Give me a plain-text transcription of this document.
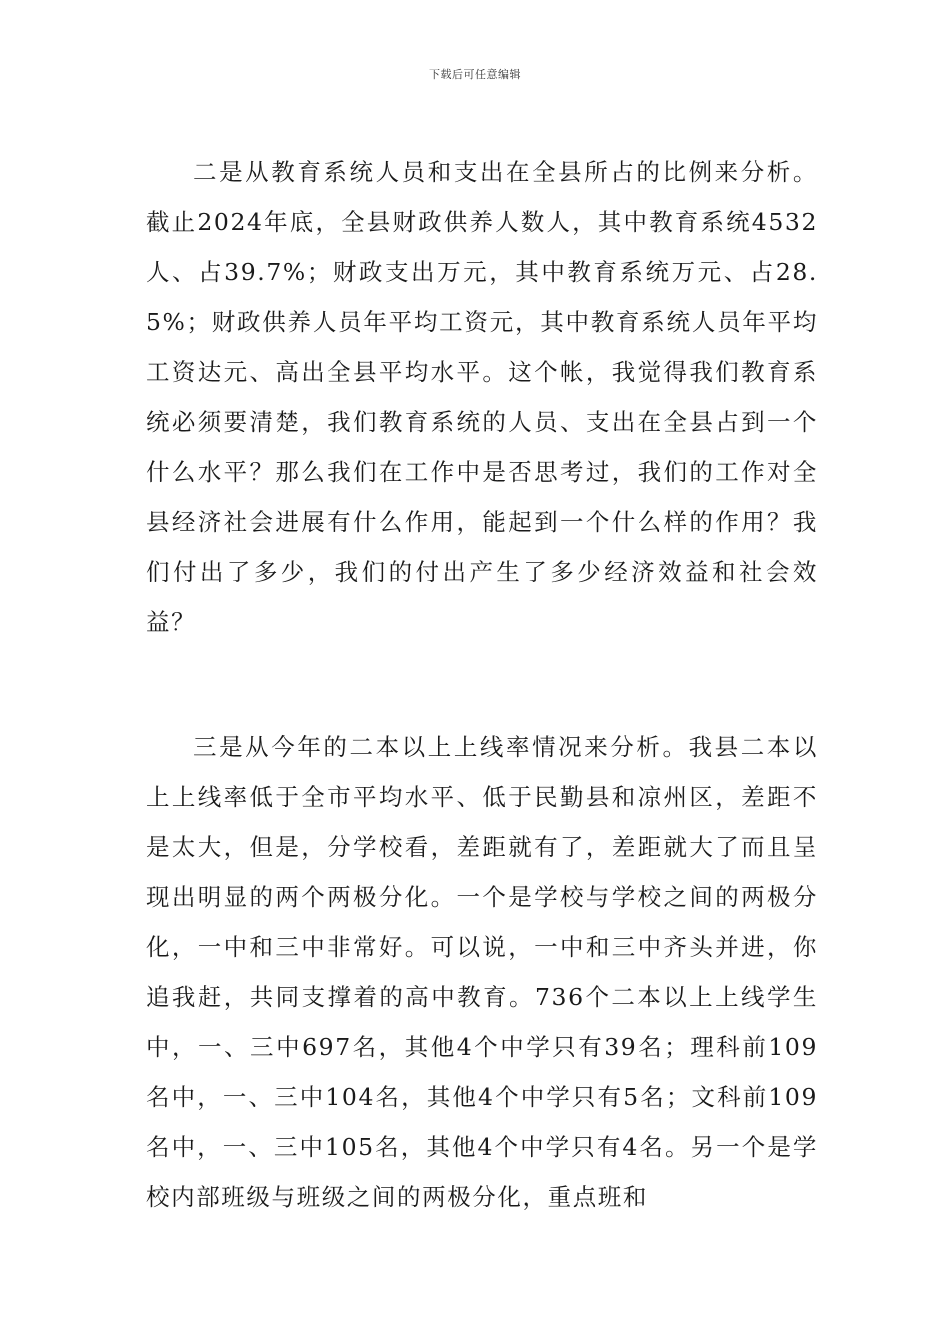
下载后可任意编辑

二是从教育系统人员和支出在全县所占的比例来分析。截止2024年底，全县财政供养人数人，其中教育系统4532人、占39.7%；财政支出万元，其中教育系统万元、占28.5%；财政供养人员年平均工资元，其中教育系统人员年平均工资达元、高出全县平均水平。这个帐，我觉得我们教育系统必须要清楚，我们教育系统的人员、支出在全县占到一个什么水平？那么我们在工作中是否思考过，我们的工作对全县经济社会进展有什么作用，能起到一个什么样的作用？我们付出了多少，我们的付出产生了多少经济效益和社会效益？

三是从今年的二本以上上线率情况来分析。我县二本以上上线率低于全市平均水平、低于民勤县和凉州区，差距不是太大，但是，分学校看，差距就有了，差距就大了而且呈现出明显的两个两极分化。一个是学校与学校之间的两极分化，一中和三中非常好。可以说，一中和三中齐头并进，你追我赶，共同支撑着的高中教育。736个二本以上上线学生中，一、三中697名，其他4个中学只有39名；理科前109名中，一、三中104名，其他4个中学只有5名；文科前109名中，一、三中105名，其他4个中学只有4名。另一个是学校内部班级与班级之间的两极分化，重点班和
